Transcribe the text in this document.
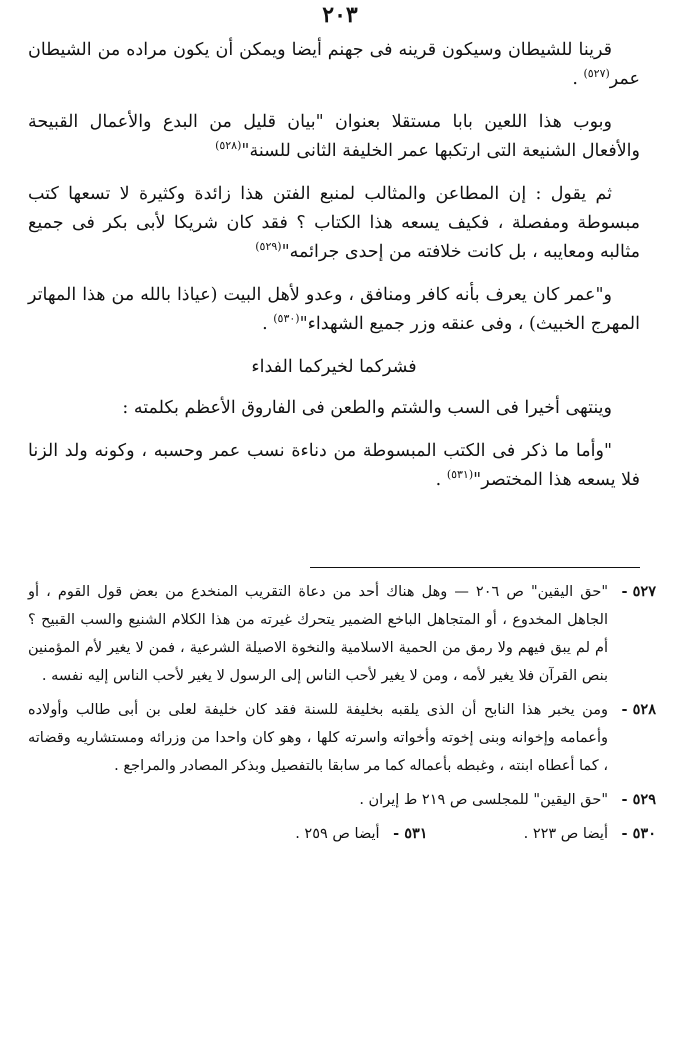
٢٠٣

قرينا للشيطان وسيكون قرينه فى جهنم أيضا ويمكن أن يكون مراده من الشيطان عمر$^{(٥٢٧)}$ .

وبوب هذا اللعين بابا مستقلا بعنوان "بيان قليل من البدع والأعمال القبيحة والأفعال الشنيعة التى ارتكبها عمر الخليفة الثانى للسنة"$^{(٥٢٨)}$

ثم يقول : إن المطاعن والمثالب لمنبع الفتن هذا زائدة وكثيرة لا تسعها كتب مبسوطة ومفصلة ، فكيف يسعه هذا الكتاب ؟ فقد كان شريكا لأبى بكر فى جميع مثالبه ومعايبه ، بل كانت خلافته من إحدى جرائمه"$^{(٥٢٩)}$

و"عمر كان يعرف بأنه كافر ومنافق ، وعدو لأهل البيت (عياذا بالله من هذا المهاتر المهرج الخبيث) ، وفى عنقه وزر جميع الشهداء"$^{(٥٣٠)}$ .

فشركما لخيركما الفداء

وينتهى أخيرا فى السب والشتم والطعن فى الفاروق الأعظم بكلمته :

"وأما ما ذكر فى الكتب المبسوطة من دناءة نسب عمر وحسبه ، وكونه ولد الزنا فلا يسعه هذا المختصر"$^{(٥٣١)}$ .

٥٢٧ -
"حق اليقين" ص ٢٠٦ — وهل هناك أحد من دعاة التقريب المنخدع من بعض قول القوم ، أو الجاهل المخدوع ، أو المتجاهل الباخع الضمير يتحرك غيرته من هذا الكلام الشنيع والسب القبيح ؟ أم لم يبق فيهم ولا رمق من الحمية الاسلامية والنخوة الاصيلة الشرعية ، فمن لا يغير لأم المؤمنين بنص القرآن فلا يغير لأمه ، ومن لا يغير لأحب الناس إلى الرسول لا يغير لأحب الناس إليه نفسه .
٥٢٨ -
ومن يخبر هذا النابح أن الذى يلقبه بخليفة للسنة فقد كان خليفة لعلى بن أبى طالب وأولاده وأعمامه وإخوانه وبنى إخوته وأخواته واسرته كلها ، وهو كان واحدا من وزرائه ومستشاريه وقضاته ، كما أعطاه ابنته ، وغبطه بأعماله كما مر سابقا بالتفصيل وبذكر المصادر والمراجع .
٥٢٩ -
"حق اليقين" للمجلسى ص ٢١٩ ط إيران .
٥٣٠ -
أيضا ص ٢٢٣ .
٥٣١ -
أيضا ص ٢٥٩ .
